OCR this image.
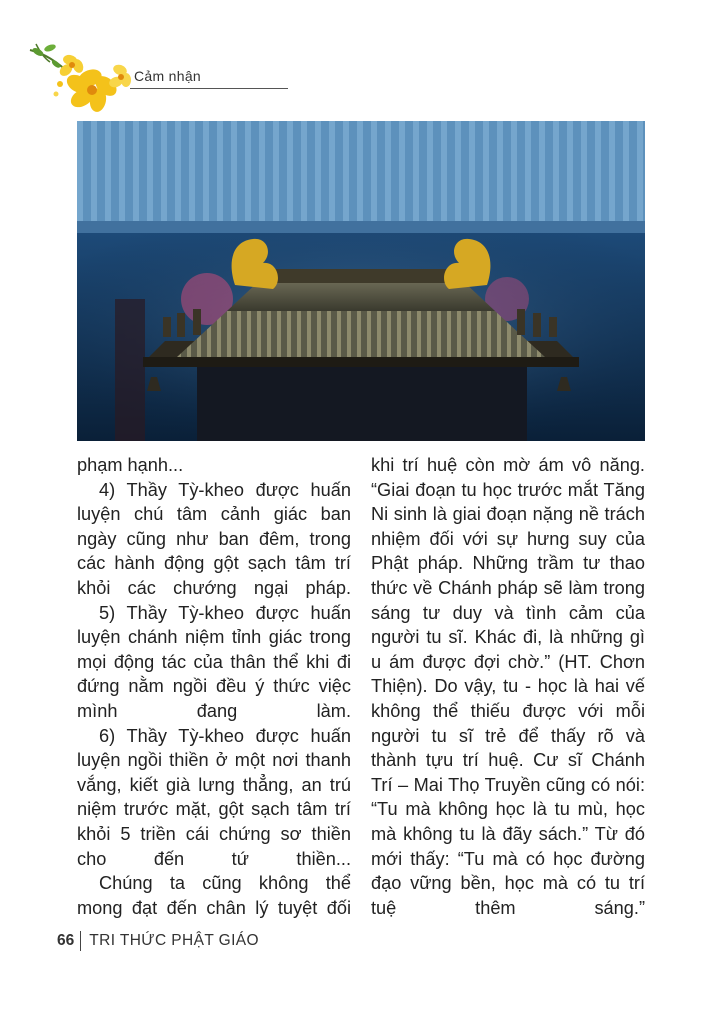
Cảm nhận

phạm hạnh...

4) Thầy Tỳ-kheo được huấn luyện chú tâm cảnh giác ban ngày cũng như ban đêm, trong các hành động gột sạch tâm trí khỏi các chướng ngại pháp.

5) Thầy Tỳ-kheo được huấn luyện chánh niệm tỉnh giác trong mọi động tác của thân thể khi đi đứng nằm ngồi đều ý thức việc mình đang làm.

6) Thầy Tỳ-kheo được huấn luyện ngồi thiền ở một nơi thanh vắng, kiết già lưng thẳng, an trú niệm trước mặt, gột sạch tâm trí khỏi 5 triền cái chứng sơ thiền cho đến tứ thiền...

Chúng ta cũng không thể mong đạt đến chân lý tuyệt đối

khi trí huệ còn mờ ám vô năng. “Giai đoạn tu học trước mắt Tăng Ni sinh là giai đoạn nặng nề trách nhiệm đối với sự hưng suy của Phật pháp. Những trầm tư thao thức về Chánh pháp sẽ làm trong sáng tư duy và tình cảm của người tu sĩ. Khác đi, là những gì u ám được đợi chờ.” (HT. Chơn Thiện). Do vậy, tu - học là hai vế không thể thiếu được với mỗi người tu sĩ trẻ để thấy rõ và thành tựu trí huệ. Cư sĩ Chánh Trí – Mai Thọ Truyền cũng có nói: “Tu mà không học là tu mù, học mà không tu là đãy sách.” Từ đó mới thấy: “Tu mà có học đường đạo vững bền, học mà có tu trí tuệ thêm sáng.”

66 TRI THỨC PHẬT GIÁO
